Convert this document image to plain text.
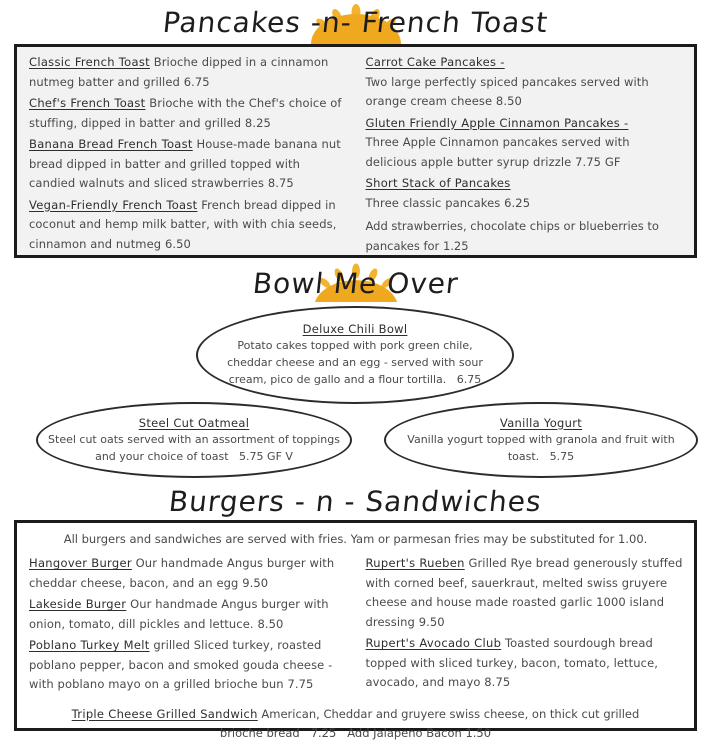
Pancakes -n- French Toast
Classic French Toast Brioche dipped in a cinnamon nutmeg batter and grilled 6.75
Chef's French Toast Brioche with the Chef's choice of stuffing, dipped in batter and grilled 8.25
Banana Bread French Toast House-made banana nut bread dipped in batter and grilled topped with candied walnuts and sliced strawberries 8.75
Vegan-Friendly French Toast French bread dipped in coconut and hemp milk batter, with with chia seeds, cinnamon and nutmeg 6.50
Carrot Cake Pancakes -
Two large perfectly spiced pancakes served with orange cream cheese 8.50
Gluten Friendly Apple Cinnamon Pancakes -
Three Apple Cinnamon pancakes served with delicious apple butter syrup drizzle 7.75 GF
Short Stack of Pancakes
Three classic pancakes 6.25
Add strawberries, chocolate chips or blueberries to pancakes for 1.25
Bowl Me Over
Deluxe Chili Bowl
Potato cakes topped with pork green chile, cheddar cheese and an egg - served with sour cream, pico de gallo and a flour tortilla. 6.75
Steel Cut Oatmeal
Steel cut oats served with an assortment of toppings and your choice of toast 5.75 GF V
Vanilla Yogurt
Vanilla yogurt topped with granola and fruit with toast. 5.75
Burgers - n - Sandwiches
All burgers and sandwiches are served with fries. Yam or parmesan fries may be substituted for 1.00.
Hangover Burger Our handmade Angus burger with cheddar cheese, bacon, and an egg 9.50
Lakeside Burger Our handmade Angus burger with onion, tomato, dill pickles and lettuce. 8.50
Poblano Turkey Melt grilled Sliced turkey, roasted poblano pepper, bacon and smoked gouda cheese - with poblano mayo on a grilled brioche bun 7.75
Rupert's Rueben Grilled Rye bread generously stuffed with corned beef, sauerkraut, melted swiss gruyere cheese and house made roasted garlic 1000 island dressing 9.50
Rupert's Avocado Club Toasted sourdough bread topped with sliced turkey, bacon, tomato, lettuce, avocado, and mayo 8.75
Triple Cheese Grilled Sandwich American, Cheddar and gruyere swiss cheese, on thick cut grilled brioche bread 7.25 Add Jalapeno Bacon 1.50
